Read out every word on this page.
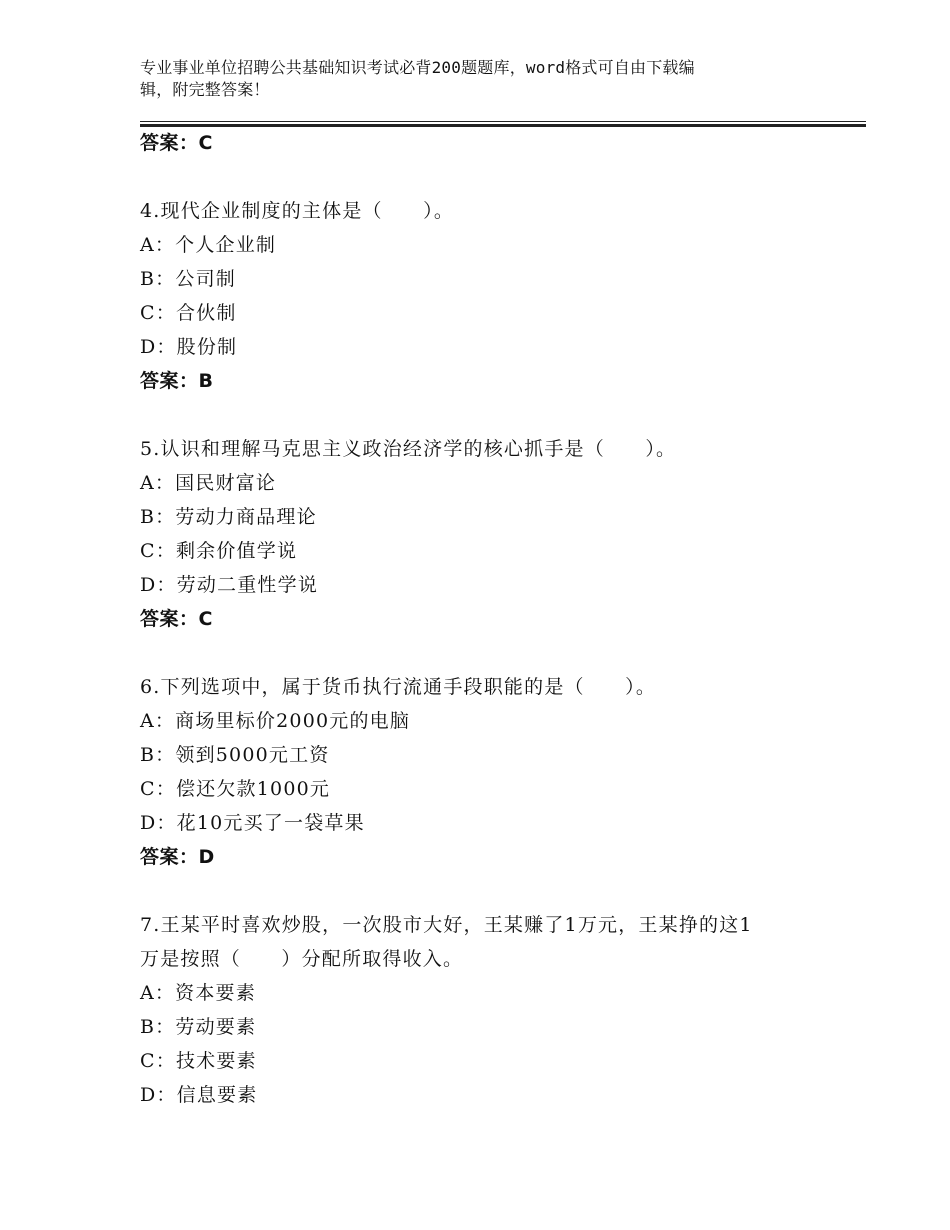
专业事业单位招聘公共基础知识考试必背200题题库，word格式可自由下载编
辑，附完整答案！
答案：C
4.现代企业制度的主体是（　　）。
A：个人企业制
B：公司制
C：合伙制
D：股份制
答案：B
5.认识和理解马克思主义政治经济学的核心抓手是（　　）。
A：国民财富论
B：劳动力商品理论
C：剩余价值学说
D：劳动二重性学说
答案：C
6.下列选项中，属于货币执行流通手段职能的是（　　）。
A：商场里标价2000元的电脑
B：领到5000元工资
C：偿还欠款1000元
D：花10元买了一袋草果
答案：D
7.王某平时喜欢炒股，一次股市大好，王某赚了1万元，王某挣的这1
万是按照（　　）分配所取得收入。
A：资本要素
B：劳动要素
C：技术要素
D：信息要素
